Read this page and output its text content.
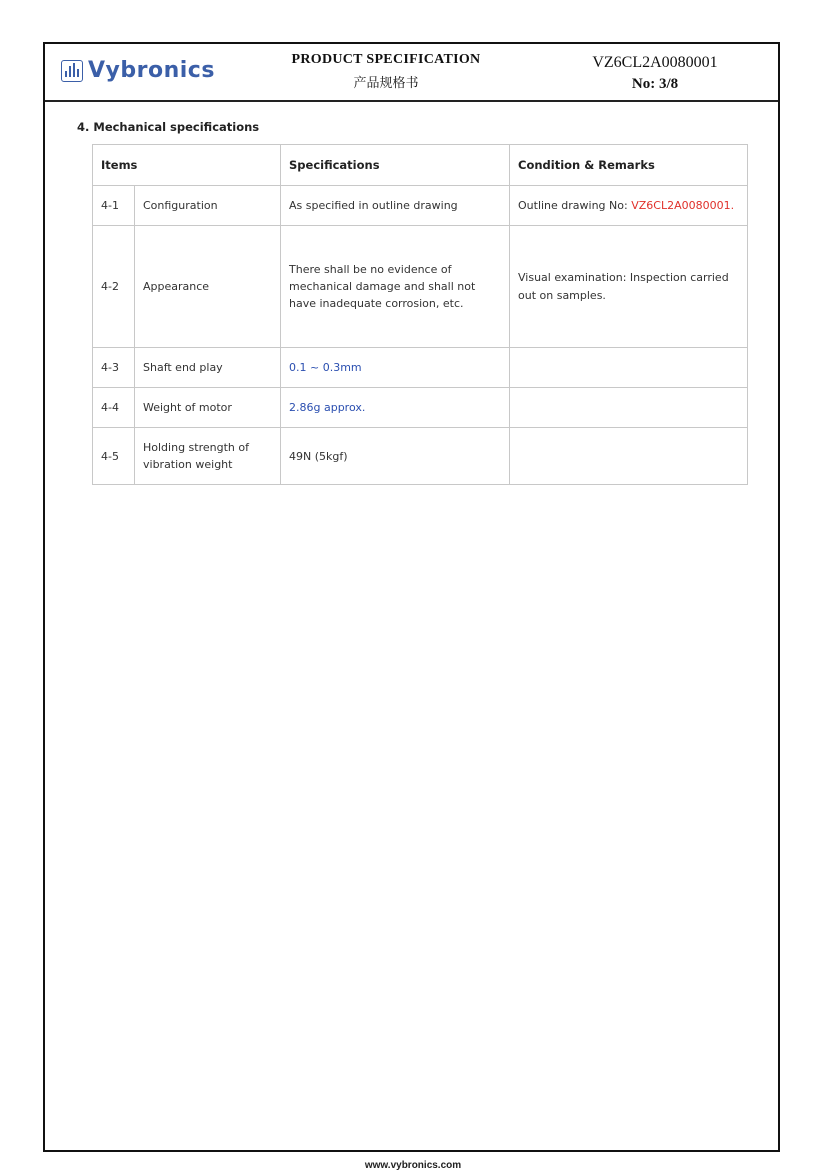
Vybronics	PRODUCT SPECIFICATION
产品规格书
VZ6CL2A0080001
No: 3/8
4. Mechanical specifications
Items		Specifications	Condition & Remarks
4-1	Configuration	As specified in outline drawing	Outline drawing No: VZ6CL2A0080001.
4-2	Appearance	There shall be no evidence of mechanical damage and shall not have inadequate corrosion, etc.	Visual examination: Inspection carried out on samples.
4-3	Shaft end play	0.1 ~ 0.3mm	
4-4	Weight of motor	2.86g approx.	
4-5	Holding strength of vibration weight	49N (5kgf)	
www.vybronics.com
